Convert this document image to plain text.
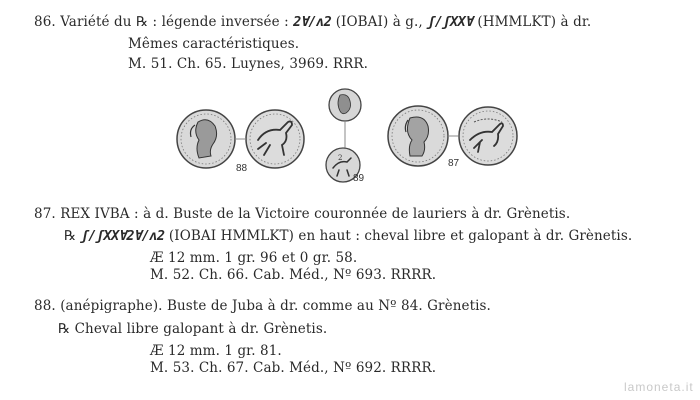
2
88
89
87
86. Variété du ℞ : légende inversée : 2Ɐ/ʌ2 (IOBAI) à g., ʃ/ʃXXⱯ (HMMLKT) à dr.
Mêmes caractéristiques.
M. 51. Ch. 65. Luynes, 3969. RRR.
87. REX IVBA : à d. Buste de la Victoire couronnée de lauriers à dr. Grènetis.
℞ ʃ/ʃXXⱯ2Ɐ/ʌ2 (IOBAI HMMLKT) en haut : cheval libre et galopant à dr. Grènetis.
Æ 12 mm. 1 gr. 96 et 0 gr. 58.
M. 52. Ch. 66. Cab. Méd., Nº 693. RRRR.
88. (anépigraphe). Buste de Juba à dr. comme au Nº 84. Grènetis.
℞ Cheval libre galopant à dr. Grènetis.
Æ 12 mm. 1 gr. 81.
M. 53. Ch. 67. Cab. Méd., Nº 692. RRRR.
lamoneta.it
